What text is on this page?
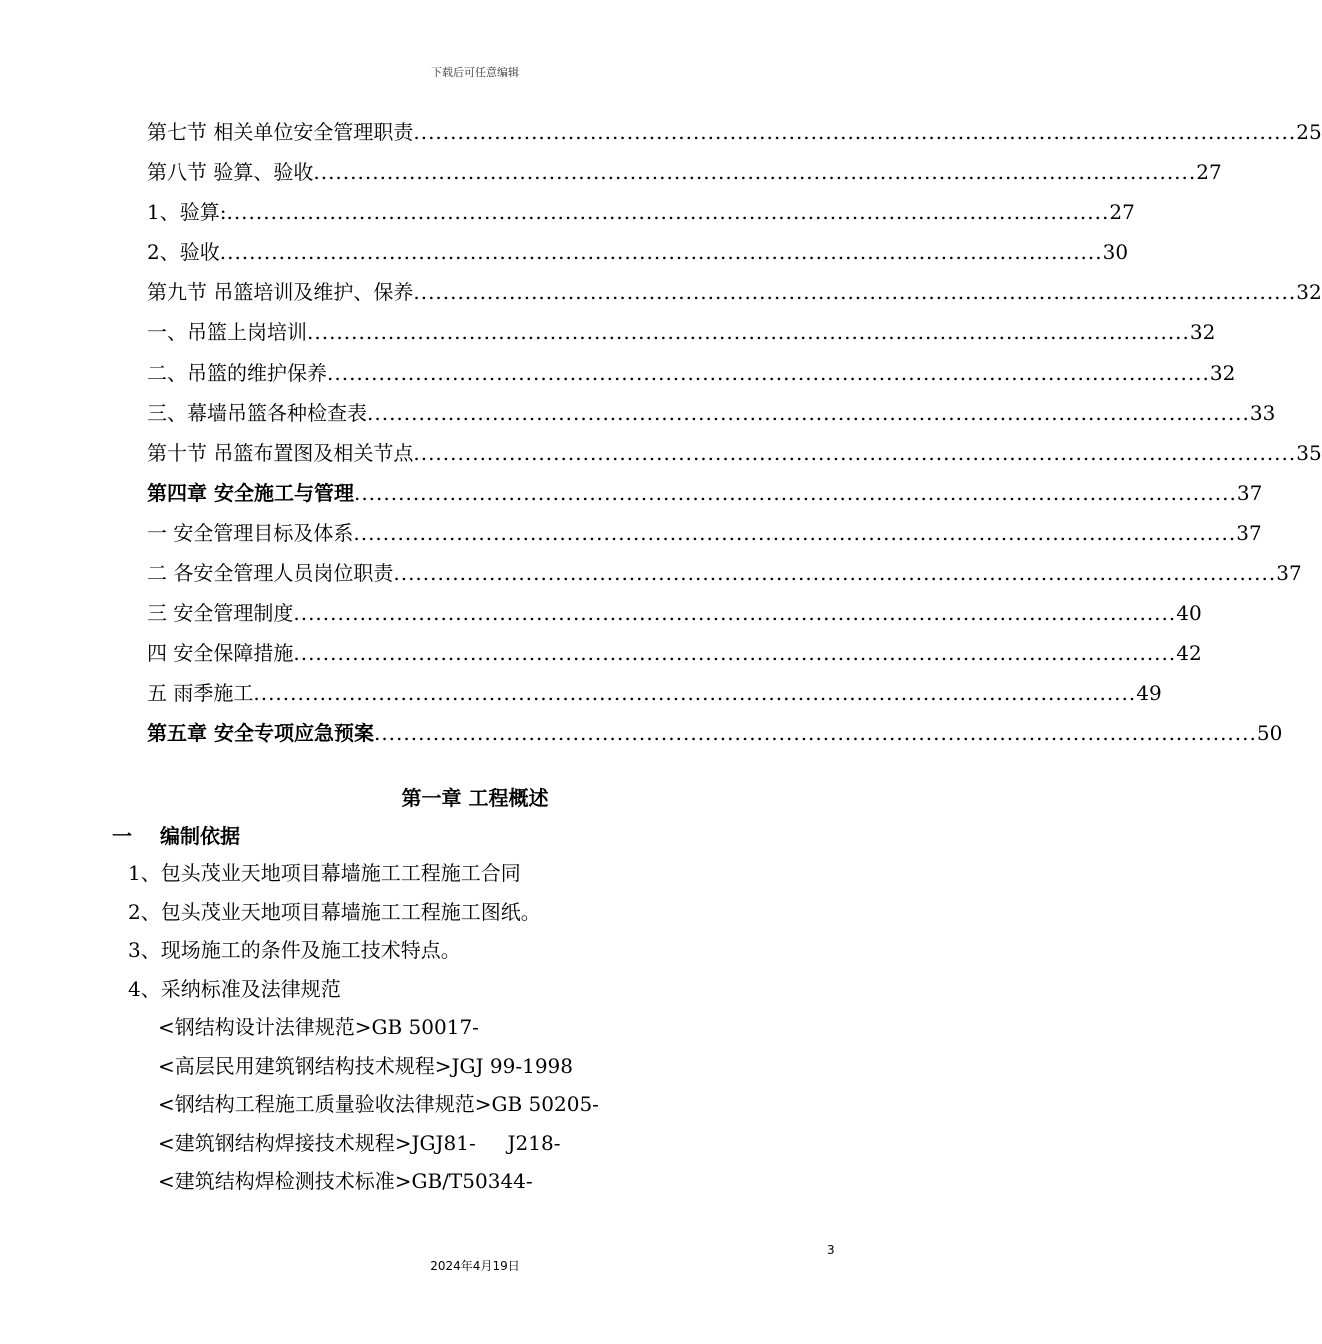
下载后可任意编辑
第七节 相关单位安全管理职责 ........................................................................................................................ 25
第八节 验算、验收 ........................................................................................................................ 27
1、验算: ........................................................................................................................ 27
2、验收 ........................................................................................................................ 30
第九节 吊篮培训及维护、保养 ........................................................................................................................ 32
一、吊篮上岗培训 ........................................................................................................................ 32
二、吊篮的维护保养 ........................................................................................................................ 32
三、幕墙吊篮各种检查表 ........................................................................................................................ 33
第十节 吊篮布置图及相关节点 ........................................................................................................................ 35
第四章 安全施工与管理 ........................................................................................................................ 37
一 安全管理目标及体系 ........................................................................................................................ 37
二 各安全管理人员岗位职责 ........................................................................................................................ 37
三 安全管理制度 ........................................................................................................................ 40
四 安全保障措施 ........................................................................................................................ 42
五 雨季施工 ........................................................................................................................ 49
第五章 安全专项应急预案 ........................................................................................................................ 50
第一章 工程概述
一 编制依据
1、包头茂业天地项目幕墙施工工程施工合同
2、包头茂业天地项目幕墙施工工程施工图纸。
3、现场施工的条件及施工技术特点。
4、采纳标准及法律规范
<钢结构设计法律规范>GB 50017-
<高层民用建筑钢结构技术规程>JGJ 99-1998
<钢结构工程施工质量验收法律规范>GB 50205-
<建筑钢结构焊接技术规程>JGJ81-     J218-
<建筑结构焊检测技术标准>GB/T50344-
3
2024年4月19日
